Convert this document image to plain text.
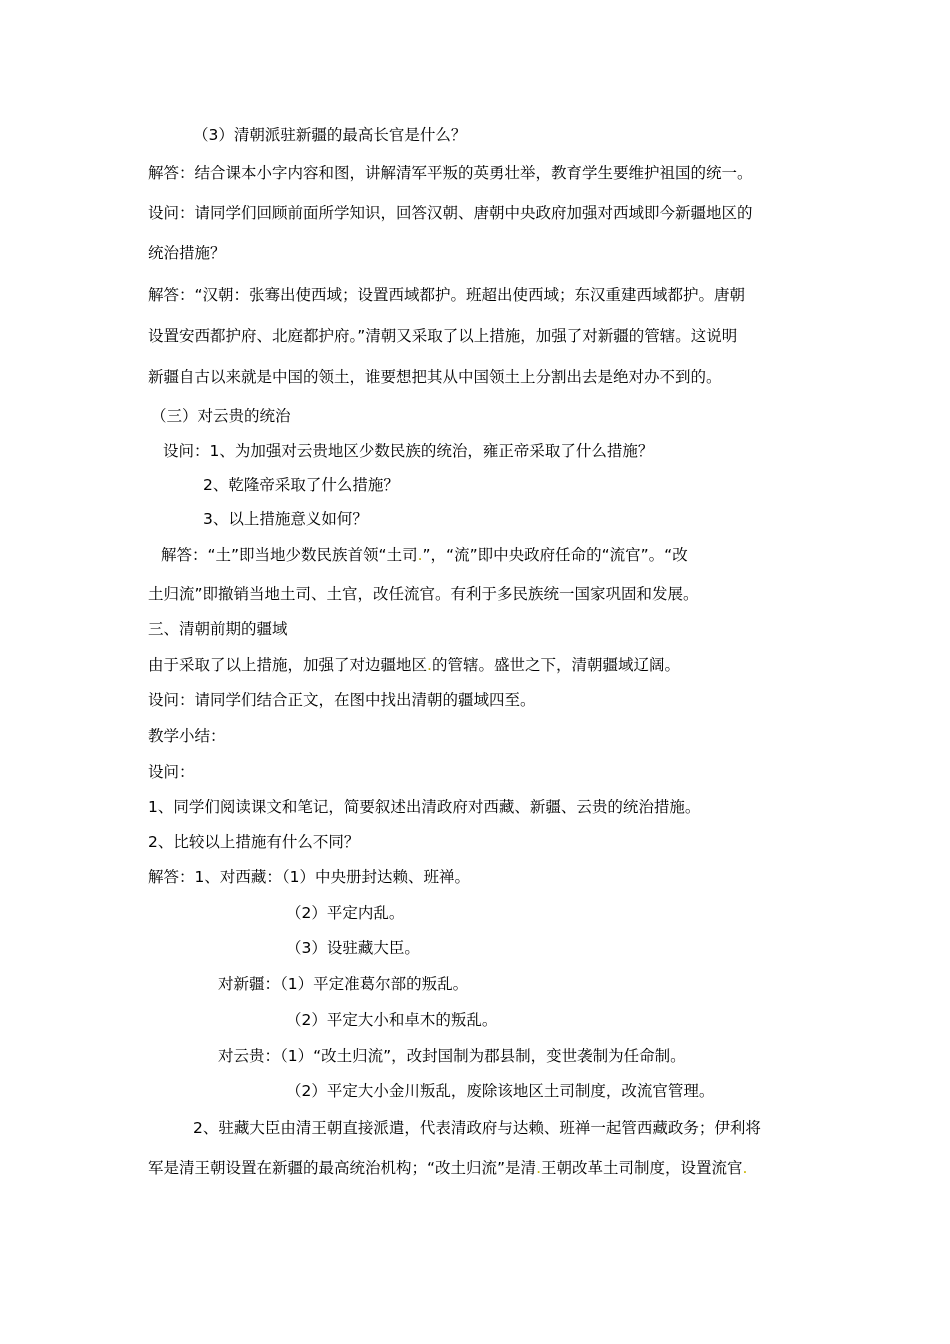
（3）清朝派驻新疆的最高长官是什么？
解答：结合课本小字内容和图，讲解清军平叛的英勇壮举，教育学生要维护祖国的统一。
设问：请同学们回顾前面所学知识，回答汉朝、唐朝中央政府加强对西域即今新疆地区的
统治措施？
解答：“汉朝：张骞出使西域；设置西域都护。班超出使西域；东汉重建西域都护。唐朝
设置安西都护府、北庭都护府。”清朝又采取了以上措施，加强了对新疆的管辖。这说明
新疆自古以来就是中国的领土，谁要想把其从中国领土上分割出去是绝对办不到的。
（三）对云贵的统治
设问：1、为加强对云贵地区少数民族的统治，雍正帝采取了什么措施？
2、乾隆帝采取了什么措施？
3、以上措施意义如何？
解答：“土”即当地少数民族首领“土司.”，“流”即中央政府任命的“流官”。“改
土归流”即撤销当地土司、土官，改任流官。有利于多民族统一国家巩固和发展。
三、清朝前期的疆域
由于采取了以上措施，加强了对边疆地区.的管辖。盛世之下，清朝疆域辽阔。
设问：请同学们结合正文，在图中找出清朝的疆域四至。
教学小结：
设问：
1、同学们阅读课文和笔记，简要叙述出清政府对西藏、新疆、云贵的统治措施。
2、比较以上措施有什么不同？
解答：1、对西藏：（1）中央册封达赖、班禅。
（2）平定内乱。
（3）设驻藏大臣。
对新疆：（1）平定准葛尔部的叛乱。
（2）平定大小和卓木的叛乱。
对云贵：（1）“改土归流”，改封国制为郡县制，变世袭制为任命制。
（2）平定大小金川叛乱，废除该地区土司制度，改流官管理。
2、驻藏大臣由清王朝直接派遣，代表清政府与达赖、班禅一起管西藏政务；伊利将
军是清王朝设置在新疆的最高统治机构；“改土归流”是清.王朝改革土司制度，设置流官.
